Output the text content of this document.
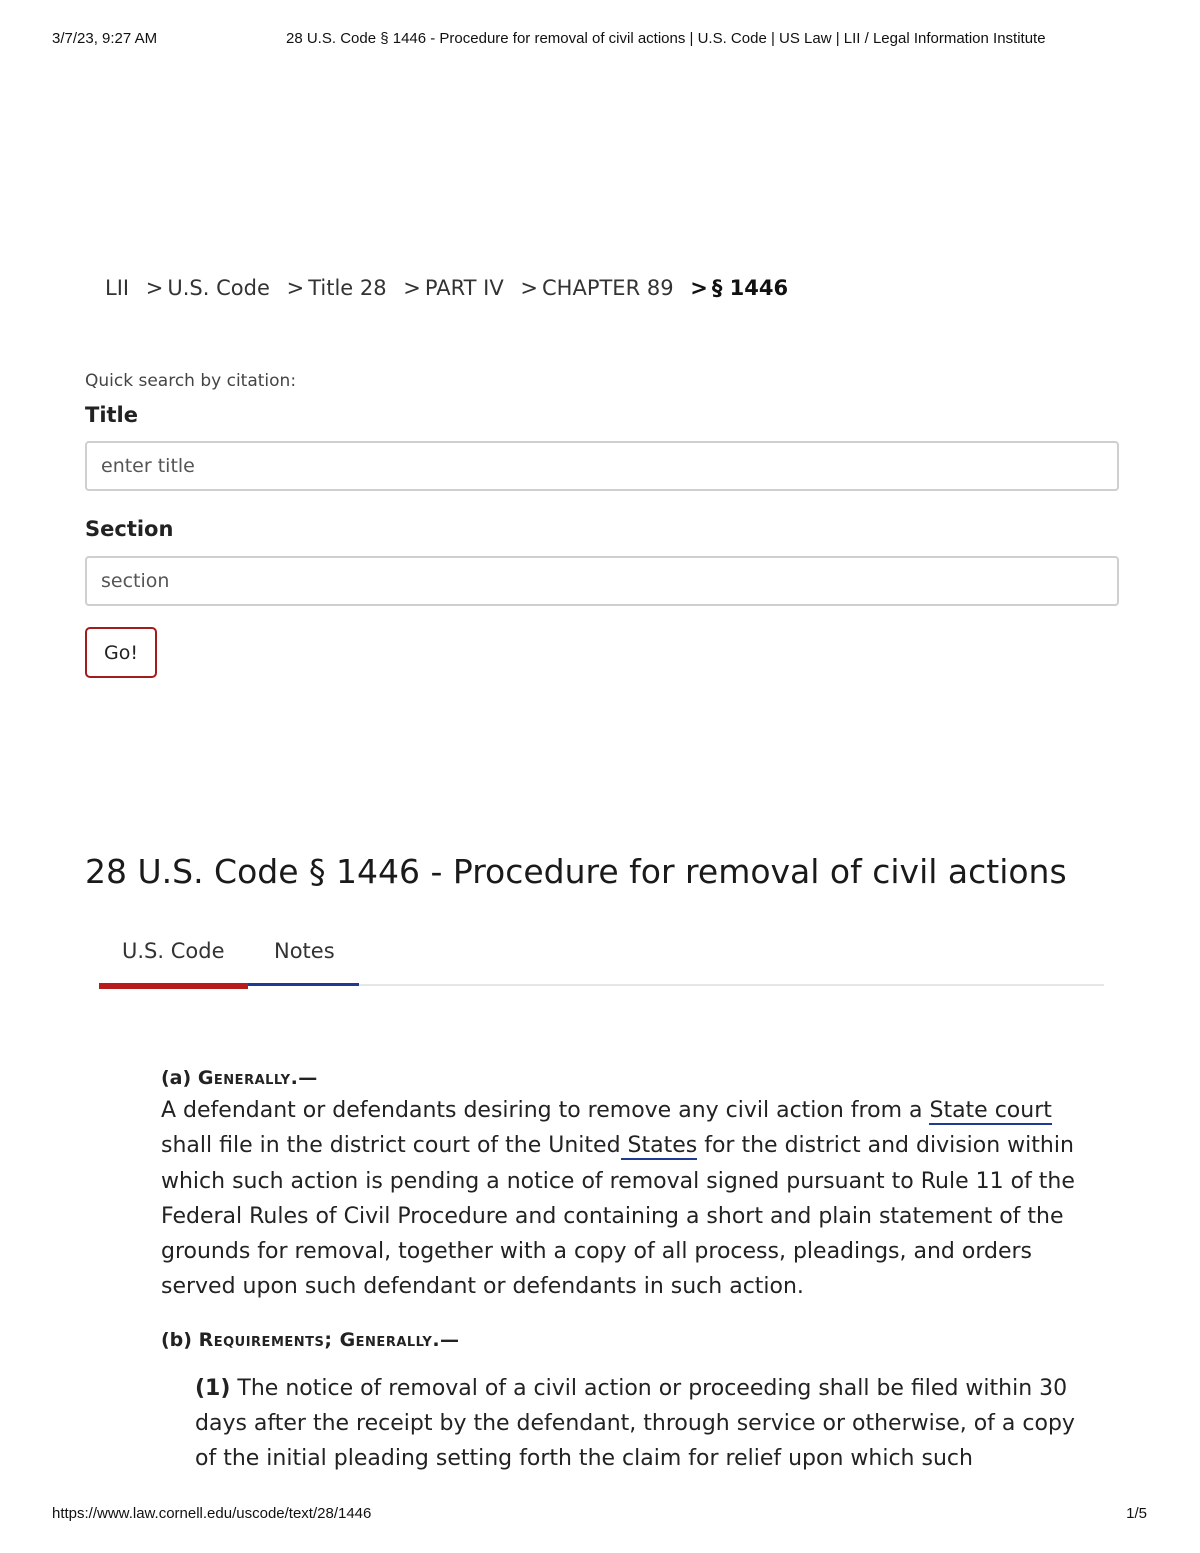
3/7/23, 9:27 AM	28 U.S. Code § 1446 - Procedure for removal of civil actions | U.S. Code | US Law | LII / Legal Information Institute
LII > U.S. Code > Title 28 > PART IV > CHAPTER 89 > § 1446
Quick search by citation:
Title
enter title
Section
section
Go!
28 U.S. Code § 1446 - Procedure for removal of civil actions
U.S. Code Notes

(a) Generally.—

A defendant or defendants desiring to remove any civil action from a State court shall file in the district court of the United States for the district and division within which such action is pending a notice of removal signed pursuant to Rule 11 of the Federal Rules of Civil Procedure and containing a short and plain statement of the grounds for removal, together with a copy of all process, pleadings, and orders served upon such defendant or defendants in such action.

(b) Requirements; Generally.—

(1) The notice of removal of a civil action or proceeding shall be filed within 30 days after the receipt by the defendant, through service or otherwise, of a copy of the initial pleading setting forth the claim for relief upon which such

https://www.law.cornell.edu/uscode/text/28/1446	1/5
